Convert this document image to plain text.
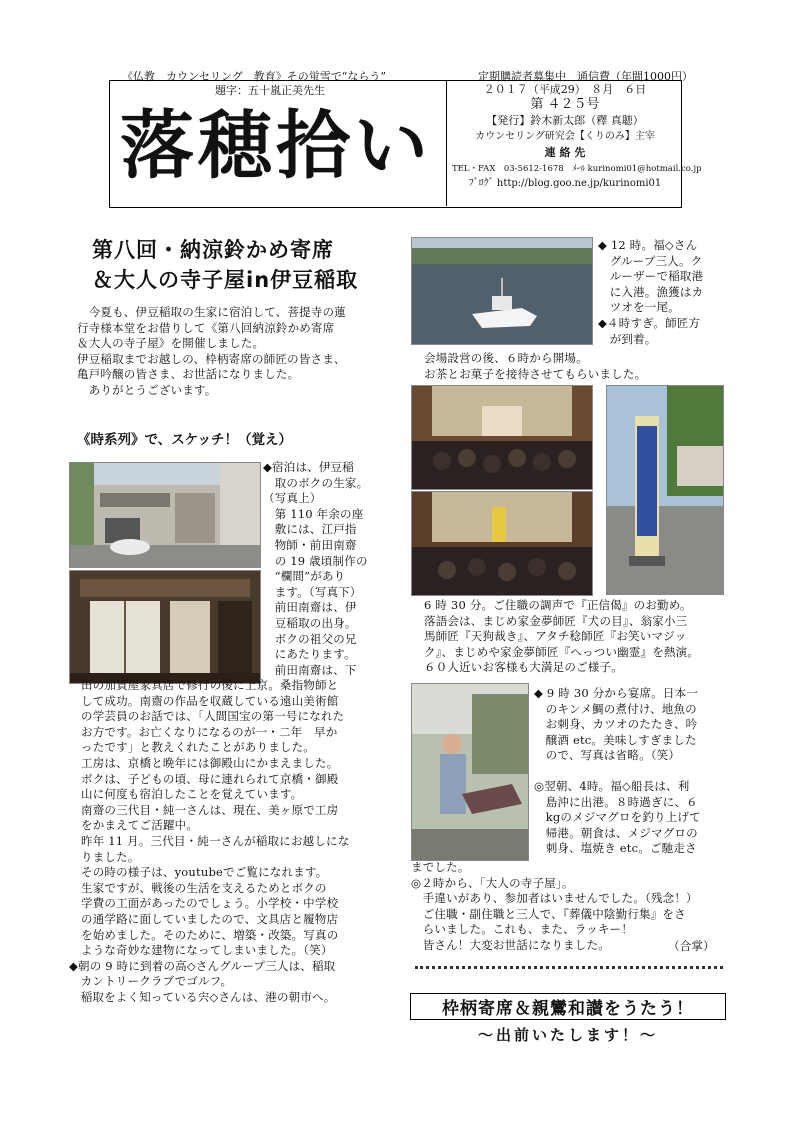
《仏教　カウンセリング　教育》その蛍雪で“ならう”	定期購読者募集中　通信費（年間1000円）
題字：五十嵐正美先生
落穂拾い
２０１７（平成29）　８月　６日
第 ４２５号
【発行】鈴木新太郎（釋 真聴）
カウンセリング研究会【くりのみ】主宰
連 絡 先
TEL・FAX　03-5612-1678　ﾒｰﾙ kurinomi01@hotmail.co.jp
ﾌﾞﾛｸﾞ http://blog.goo.ne.jp/kurinomi01
第八回・納涼鈴かめ寄席
＆大人の寺子屋in伊豆稲取
　今夏も、伊豆稲取の生家に宿泊して、菩提寺の蓮
行寺様本堂をお借りして《第八回納涼鈴かめ寄席
＆大人の寺子屋》を開催しました。
伊豆稲取までお越しの、枠柄寄席の師匠の皆さま、
亀戸吟醸の皆さま、お世話になりました。
　ありがとうございます。
《時系列》で、スケッチ！（覚え）
◆宿泊は、伊豆稲
　取のボクの生家。
（写真上）
　第 110 年余の座
　敷には、江戸指
　物師・前田南齋
　の 19 歳頃制作の
　“欄間”があり
　ます。（写真下）
　前田南齋は、伊
　豆稲取の出身。
　ボクの祖父の兄
　にあたります。
　前田南齋は、下
田の加賀屋家具店で修行の後に上京。桑指物師と
して成功。南齋の作品を収蔵している遠山美術館
の学芸員のお話では、「人間国宝の第一号になれた
お方です。お亡くなりになるのが一・二年　早か
ったです」と教えくれたことがありました。
工房は、京橋と晩年には御殿山にかまえました。
ボクは、子どもの頃、母に連れられて京橋・御殿
山に何度も宿泊したことを覚えています。
南齋の三代目・純一さんは、現在、美ヶ原で工房
をかまえてご活躍中。
昨年 11 月。三代目・純一さんが稲取にお越しにな
りました。
その時の様子は、youtubeでご覧になれます。
生家ですが、戦後の生活を支えるためとボクの
学費の工面があったのでしょう。小学校・中学校
の通学路に面していましたので、文具店と履物店
を始めました。そのために、増築・改築。写真の
ような奇妙な建物になってしまいました。（笑）
◆朝の 9 時に到着の高◇さんグループ三人は、稲取
　カントリークラブでゴルフ。
　稲取をよく知っている宍◇さんは、港の朝市へ。
◆ 12 時。福◇さん
　グループ三人。ク
　ルーザーで稲取港
　に入港。漁獲はカ
　ツオを一尾。
◆４時すぎ。師匠方
　が到着。
会場設営の後、６時から開場。
お茶とお菓子を接待させてもらいました。
6 時 30 分。ご住職の調声で『正信偈』のお勤め。
落語会は、まじめ家金夢師匠『犬の目』、翁家小三
馬師匠『天狗裁き』、アタチ稔師匠『お笑いマジッ
ク』、まじめや家金夢師匠『へっつい幽霊』を熱演。
６０人近いお客様も大満足のご様子。
◆ 9 時 30 分から宴席。日本一
　のキンメ鯛の煮付け、地魚の
　お刺身、カツオのたたき、吟
　醸酒 etc。美味しすぎました
　ので、写真は省略。（笑）
◎翌朝、4時。福◇船長は、利
　島沖に出港。８時過ぎに、６
　kgのメジマグロを釣り上げて
　帰港。朝食は、メジマグロの
　刺身、塩焼き etc。ご馳走さ
までした。
◎２時から、「大人の寺子屋」。
　手違いがあり、参加者はいませんでした。（残念！）
　ご住職・副住職と三人で、『葬儀中陰勤行集』をさ
　らいました。これも、また、ラッキー！
　皆さん！大変お世話になりました。	（合掌）
枠柄寄席＆親鸞和讃をうたう！
～出前いたします！～
